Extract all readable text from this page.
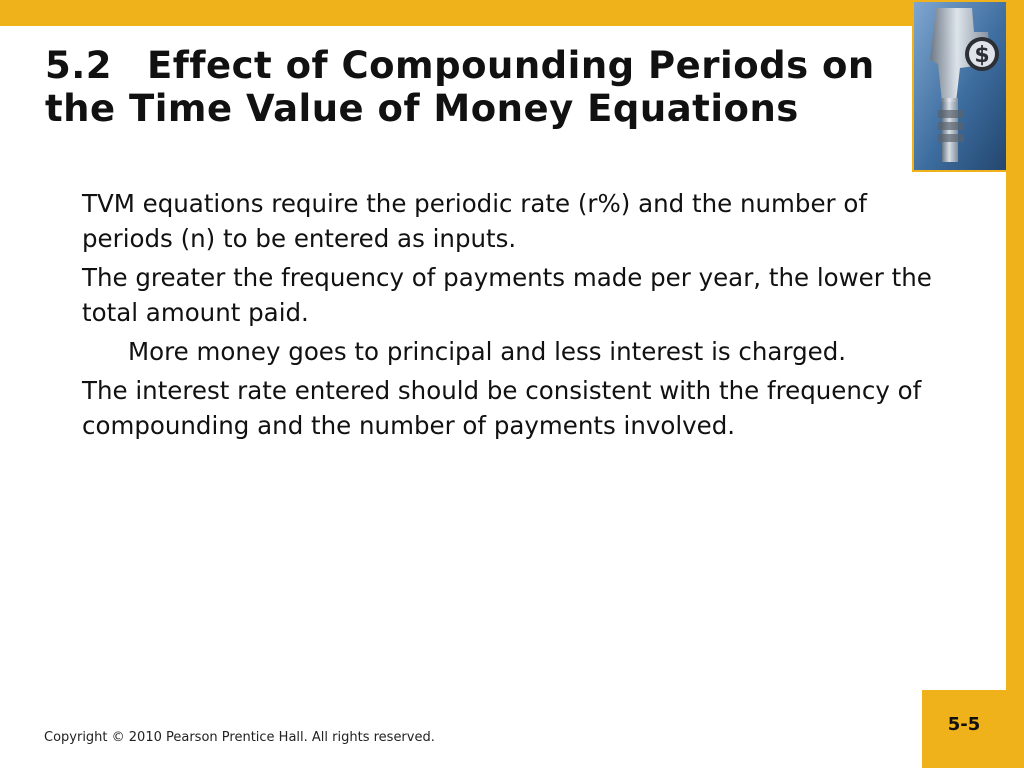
$
5.2 Effect of Compounding Periods on the Time Value of Money Equations
TVM equations require the periodic rate (r%) and the number of periods (n) to be entered as inputs.
The greater the frequency of payments made per year, the lower the total amount paid.
More money goes to principal and less interest is charged.
The interest rate entered should be consistent with the frequency of compounding and the number of payments involved.
Copyright © 2010 Pearson Prentice Hall. All rights reserved.
5-5
